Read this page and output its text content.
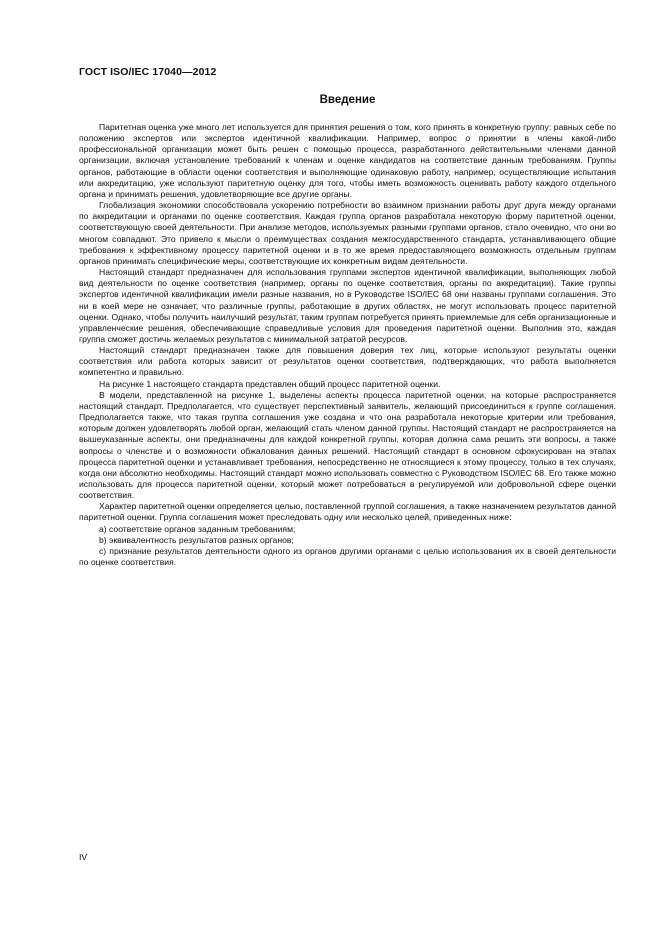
ГОСТ ISO/IEC 17040—2012
Введение

Паритетная оценка уже много лет используется для принятия решения о том, кого принять в конкретную группу: равных себе по положению экспертов или экспертов идентичной квалификации. Например, вопрос о принятии в члены какой-либо профессиональной организации может быть решен с помощью процесса, разработанного действительными членами данной организации, включая установление требований к членам и оценке кандидатов на соответствие данным требованиям. Группы органов, работающие в области оценки соответствия и выполняющие одинаковую работу, например, осуществляющие испытания или аккредитацию, уже используют паритетную оценку для того, чтобы иметь возможность оценивать работу каждого отдельного органа и принимать решения, удовлетворяющие все другие органы.

Глобализация экономики способствовала ускорению потребности во взаимном признании работы друг друга между органами по аккредитации и органами по оценке соответствия. Каждая группа органов разработала некоторую форму паритетной оценки, соответствующую своей деятельности. При анализе методов, используемых разными группами органов, стало очевидно, что они во многом совпадают. Это привело к мысли о преимуществах создания межгосударственного стандарта, устанавливающего общие требования к эффективному процессу паритетной оценки и в то же время предоставляющего возможность отдельным группам органов принимать специфические меры, соответствующие их конкретным видам деятельности.

Настоящий стандарт предназначен для использования группами экспертов идентичной квалификации, выполняющих любой вид деятельности по оценке соответствия (например, органы по оценке соответствия, органы по аккредитации). Такие группы экспертов идентичной квалификации имели разные названия, но в Руководстве ISO/IEC 68 они названы группами соглашения. Это ни в коей мере не означает, что различные группы, работающие в других областях, не могут использовать процесс паритетной оценки. Однако, чтобы получить наилучший результат, таким группам потребуется принять приемлемые для себя организационные и управленческие решения, обеспечивающие справедливые условия для проведения паритетной оценки. Выполнив это, каждая группа сможет достичь желаемых результатов с минимальной затратой ресурсов.

Настоящий стандарт предназначен также для повышения доверия тех лиц, которые используют результаты оценки соответствия или работа которых зависит от результатов оценки соответствия, подтверждающих, что работа выполняется компетентно и правильно.

На рисунке 1 настоящего стандарта представлен общий процесс паритетной оценки.

В модели, представленной на рисунке 1, выделены аспекты процесса паритетной оценки, на которые распространяется настоящий стандарт. Предполагается, что существует перспективный заявитель, желающий присоединиться к группе соглашения. Предполагается также, что такая группа соглашения уже создана и что она разработала некоторые критерии или требования, которым должен удовлетворять любой орган, желающий стать членом данной группы. Настоящий стандарт не распространяется на вышеуказанные аспекты, они предназначены для каждой конкретной группы, которая должна сама решить эти вопросы, а также вопросы о членстве и о возможности обжалования данных решений. Настоящий стандарт в основном сфокусирован на этапах процесса паритетной оценки и устанавливает требования, непосредственно не относящиеся к этому процессу, только в тех случаях, когда они абсолютно необходимы. Настоящий стандарт можно использовать совместно с Руководством ISO/IEC 68. Его также можно использовать для процесса паритетной оценки, который может потребоваться в регулируемой или добровольной сфере оценки соответствия.

Характер паритетной оценки определяется целью, поставленной группой соглашения, а также назначением результатов данной паритетной оценки. Группа соглашения может преследовать одну или несколько целей, приведенных ниже:

a) соответствие органов заданным требованиям;

b) эквивалентность результатов разных органов;

c) признание результатов деятельности одного из органов другими органами с целью использования их в своей деятельности по оценке соответствия.

IV
